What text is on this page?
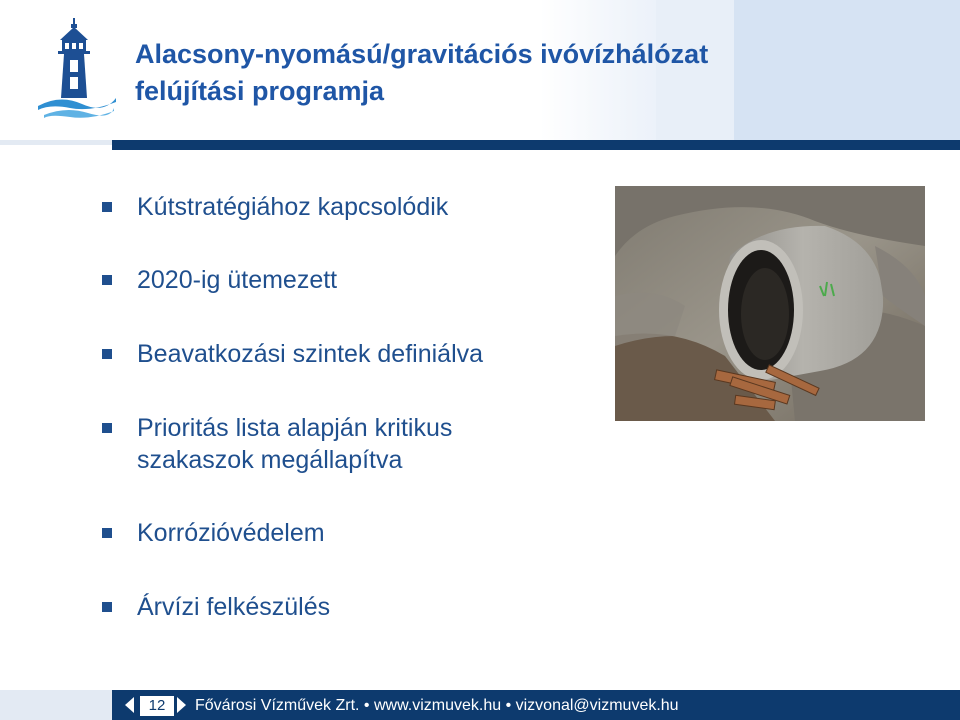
Alacsony-nyomású/gravitációs ivóvízhálózat
felújítási programja
Kútstratégiához kapcsolódik
2020-ig ütemezett
Beavatkozási szintek definiálva
Prioritás lista alapján kritikus
szakaszok megállapítva
Korrózióvédelem
Árvízi felkészülés
12	Fővárosi Vízművek Zrt. • www.vizmuvek.hu • vizvonal@vizmuvek.hu
